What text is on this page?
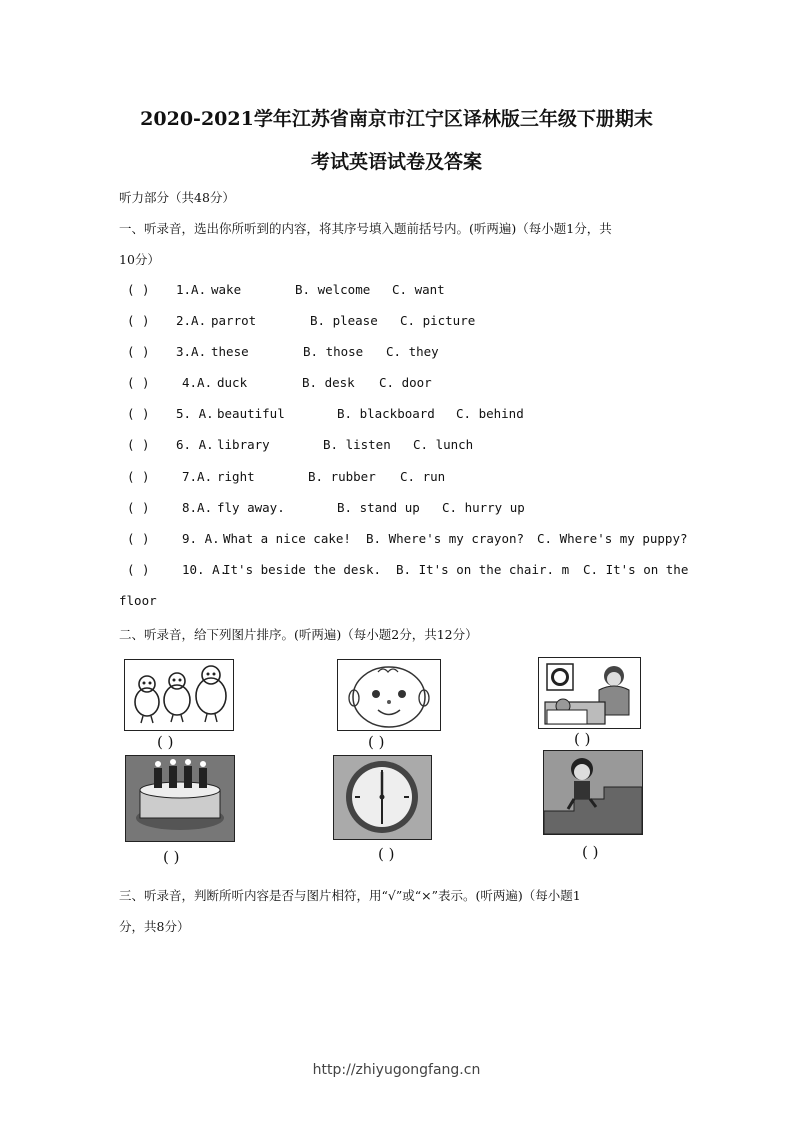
2020-2021学年江苏省南京市江宁区译林版三年级下册期末
考试英语试卷及答案
听力部分（共48分）
一、听录音，选出你所听到的内容，将其序号填入题前括号内。(听两遍)（每小题1分，共
10分）
( ) 1.A. wake	B. welcome C. want
( ) 2.A. parrot	B. please C. picture
( ) 3.A. these	B. those C. they
( )	4.A. duck	B. desk C. door
( ) 5. A. beautiful	B. blackboard C. behind
( ) 6. A. library	B. listen C. lunch
( )	7.A. right	B. rubber C. run
( )	8.A. fly away.	B. stand up C. hurry up
( )	9. A. What a nice cake! B. Where's my crayon? C. Where's my puppy?
( )	10. A.
It's beside the desk. B. It's on the chair. m C. It's on the
floor
二、听录音，给下列图片排序。(听两遍)（每小题2分，共12分）
( )	( )	( )
( )	( )	( )
三、听录音，判断所听内容是否与图片相符，用“√”或“×”表示。(听两遍)（每小题1
分，共8分）
http://zhiyugongfang.cn
